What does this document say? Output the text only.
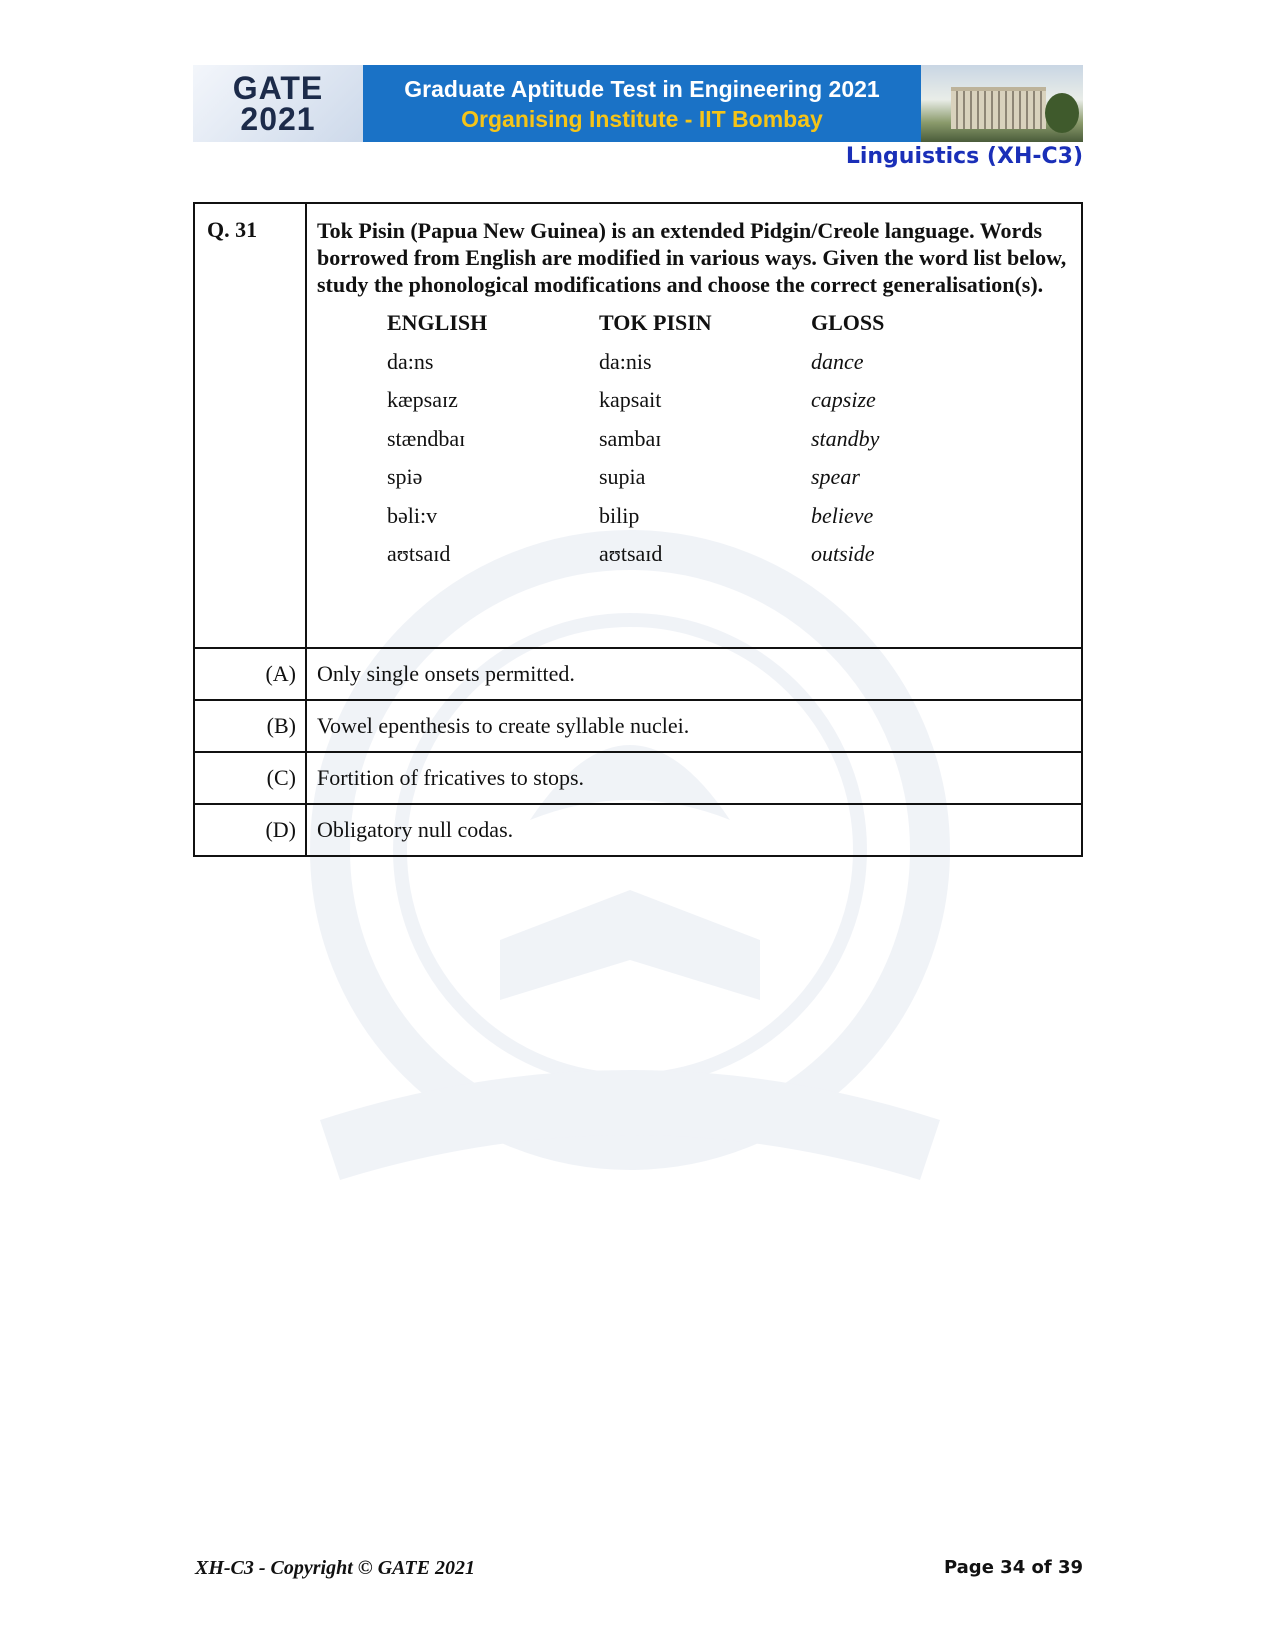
GATE
2021
Graduate Aptitude Test in Engineering 2021
Organising Institute - IIT Bombay
Linguistics (XH-C3)
Q. 31	Tok Pisin (Papua New Guinea) is an extended Pidgin/Creole language. Words borrowed from English are modified in various ways. Given the word list below, study the phonological modifications and choose the correct generalisation(s).
ENGLISH	TOK PISIN	GLOSS
da:ns	da:nis	dance
kæpsaɪz	kapsait	capsize
stændbaɪ	sambaɪ	standby
spiə	supia	spear
bəli:v	bilip	believe
aʊtsaɪd	aʊtsaɪd	outside

(A)	Only single onsets permitted.
(B)	Vowel epenthesis to create syllable nuclei.
(C)	Fortition of fricatives to stops.
(D)	Obligatory null codas.
XH-C3 - Copyright © GATE 2021	Page 34 of 39
